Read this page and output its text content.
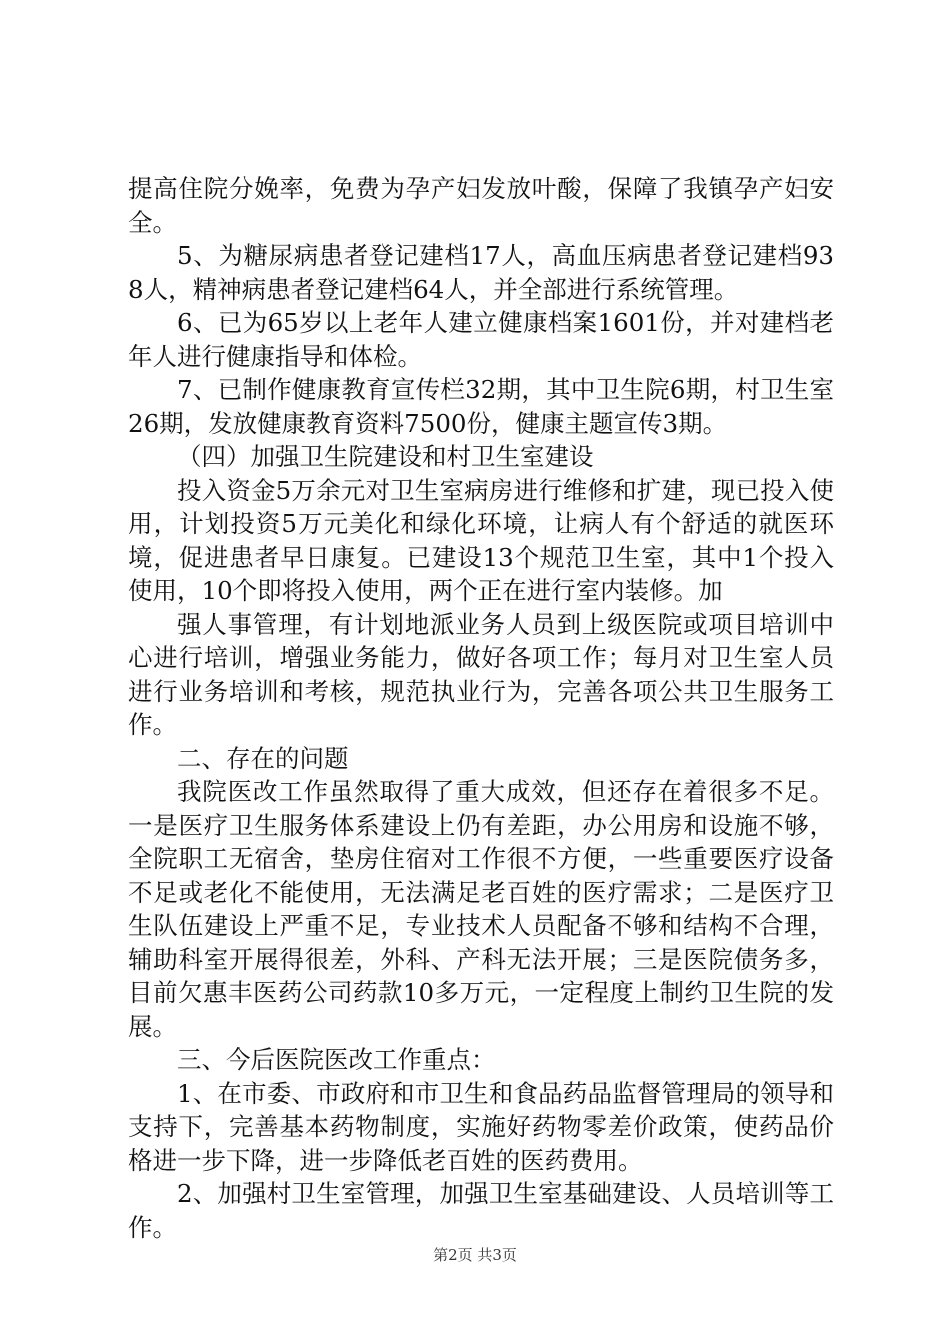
提高住院分娩率，免费为孕产妇发放叶酸，保障了我镇孕产妇安全。

5、为糖尿病患者登记建档17人，高血压病患者登记建档938人，精神病患者登记建档64人，并全部进行系统管理。

6、已为65岁以上老年人建立健康档案1601份，并对建档老年人进行健康指导和体检。

7、已制作健康教育宣传栏32期，其中卫生院6期，村卫生室26期，发放健康教育资料7500份，健康主题宣传3期。

（四）加强卫生院建设和村卫生室建设

投入资金5万余元对卫生室病房进行维修和扩建，现已投入使用，计划投资5万元美化和绿化环境，让病人有个舒适的就医环境，促进患者早日康复。已建设13个规范卫生室，其中1个投入使用，10个即将投入使用，两个正在进行室内装修。加

强人事管理，有计划地派业务人员到上级医院或项目培训中心进行培训，增强业务能力，做好各项工作；每月对卫生室人员进行业务培训和考核，规范执业行为，完善各项公共卫生服务工作。

二、存在的问题

我院医改工作虽然取得了重大成效，但还存在着很多不足。一是医疗卫生服务体系建设上仍有差距，办公用房和设施不够，全院职工无宿舍，垫房住宿对工作很不方便，一些重要医疗设备不足或老化不能使用，无法满足老百姓的医疗需求；二是医疗卫生队伍建设上严重不足，专业技术人员配备不够和结构不合理，辅助科室开展得很差，外科、产科无法开展；三是医院债务多，目前欠惠丰医药公司药款10多万元，一定程度上制约卫生院的发展。

三、今后医院医改工作重点：

1、在市委、市政府和市卫生和食品药品监督管理局的领导和支持下，完善基本药物制度，实施好药物零差价政策，使药品价格进一步下降，进一步降低老百姓的医药费用。

2、加强村卫生室管理，加强卫生室基础建设、人员培训等工作。

第2页 共3页
